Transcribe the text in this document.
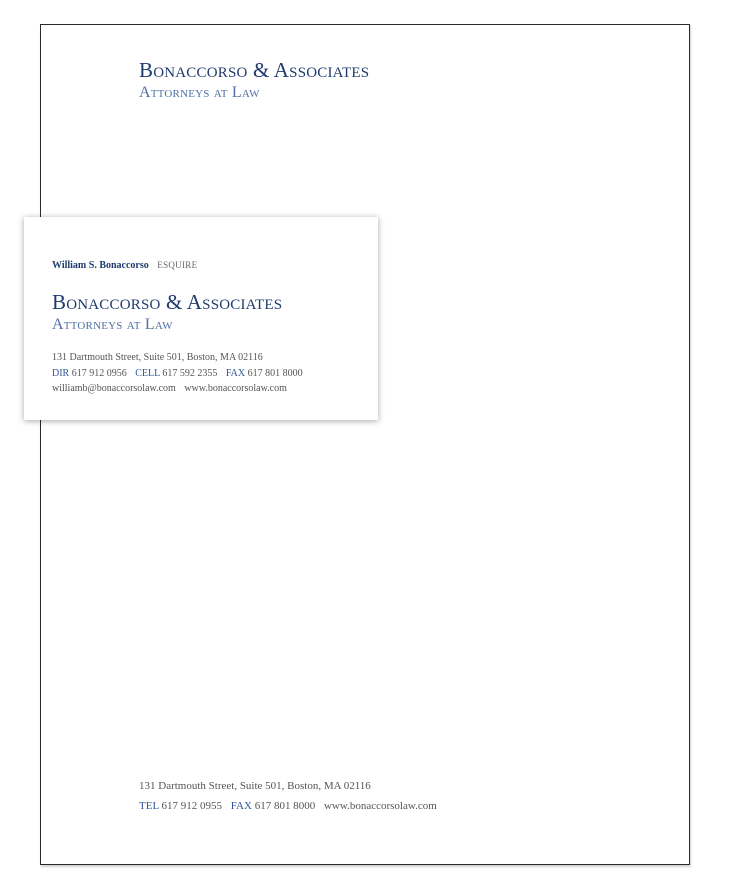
Bonaccorso & Associates
Attorneys at Law
131 Dartmouth Street, Suite 501, Boston, MA 02116
TEL 617 912 0955 FAX 617 801 8000 www.bonaccorsolaw.com
William S. Bonaccorso ESQUIRE
Bonaccorso & Associates
Attorneys at Law
131 Dartmouth Street, Suite 501, Boston, MA 02116
DIR 617 912 0956 CELL 617 592 2355 FAX 617 801 8000
williamb@bonaccorsolaw.com www.bonaccorsolaw.com
